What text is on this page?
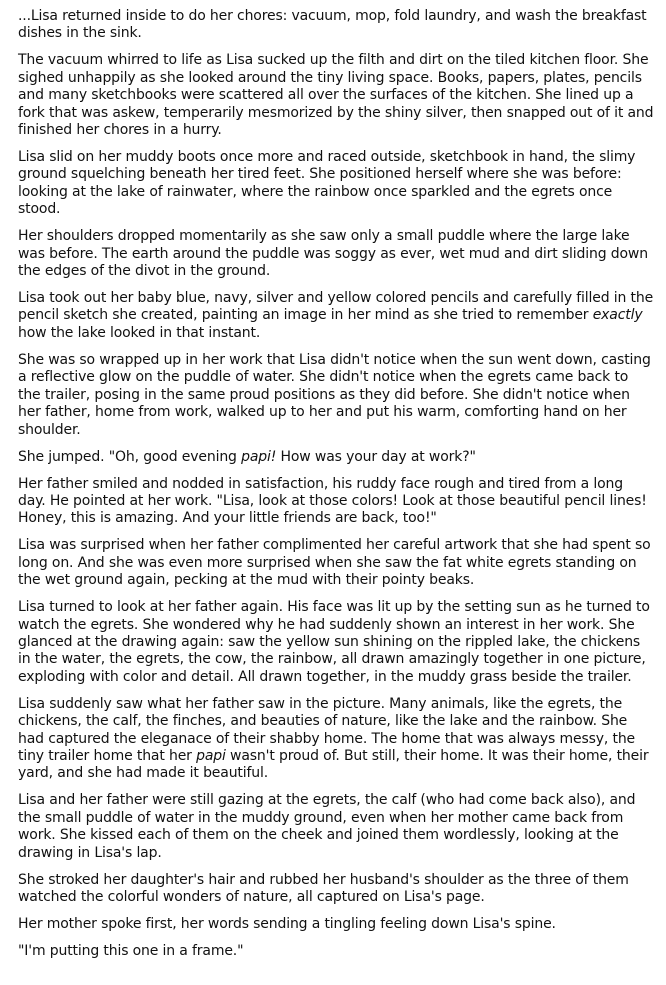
...Lisa returned inside to do her chores: vacuum, mop, fold laundry, and wash the breakfast dishes in the sink.

The vacuum whirred to life as Lisa sucked up the filth and dirt on the tiled kitchen floor. She sighed unhappily as she looked around the tiny living space. Books, papers, plates, pencils and many sketchbooks were scattered all over the surfaces of the kitchen. She lined up a fork that was askew, temperarily mesmorized by the shiny silver, then snapped out of it and finished her chores in a hurry.

Lisa slid on her muddy boots once more and raced outside, sketchbook in hand, the slimy ground squelching beneath her tired feet. She positioned herself where she was before: looking at the lake of rainwater, where the rainbow once sparkled and the egrets once stood.

Her shoulders dropped momentarily as she saw only a small puddle where the large lake was before. The earth around the puddle was soggy as ever, wet mud and dirt sliding down the edges of the divot in the ground.

Lisa took out her baby blue, navy, silver and yellow colored pencils and carefully filled in the pencil sketch she created, painting an image in her mind as she tried to remember exactly how the lake looked in that instant.

She was so wrapped up in her work that Lisa didn't notice when the sun went down, casting a reflective glow on the puddle of water. She didn't notice when the egrets came back to the trailer, posing in the same proud positions as they did before. She didn't notice when her father, home from work, walked up to her and put his warm, comforting hand on her shoulder.

She jumped. "Oh, good evening papi! How was your day at work?"

Her father smiled and nodded in satisfaction, his ruddy face rough and tired from a long day. He pointed at her work. "Lisa, look at those colors! Look at those beautiful pencil lines! Honey, this is amazing. And your little friends are back, too!"

Lisa was surprised when her father complimented her careful artwork that she had spent so long on. And she was even more surprised when she saw the fat white egrets standing on the wet ground again, pecking at the mud with their pointy beaks.

Lisa turned to look at her father again. His face was lit up by the setting sun as he turned to watch the egrets. She wondered why he had suddenly shown an interest in her work. She glanced at the drawing again: saw the yellow sun shining on the rippled lake, the chickens in the water, the egrets, the cow, the rainbow, all drawn amazingly together in one picture, exploding with color and detail. All drawn together, in the muddy grass beside the trailer.

Lisa suddenly saw what her father saw in the picture. Many animals, like the egrets, the chickens, the calf, the finches, and beauties of nature, like the lake and the rainbow. She had captured the eleganace of their shabby home. The home that was always messy, the tiny trailer home that her papi wasn't proud of. But still, their home. It was their home, their yard, and she had made it beautiful.

Lisa and her father were still gazing at the egrets, the calf (who had come back also), and the small puddle of water in the muddy ground, even when her mother came back from work. She kissed each of them on the cheek and joined them wordlessly, looking at the drawing in Lisa's lap.

She stroked her daughter's hair and rubbed her husband's shoulder as the three of them watched the colorful wonders of nature, all captured on Lisa's page.

Her mother spoke first, her words sending a tingling feeling down Lisa's spine.

"I'm putting this one in a frame."
